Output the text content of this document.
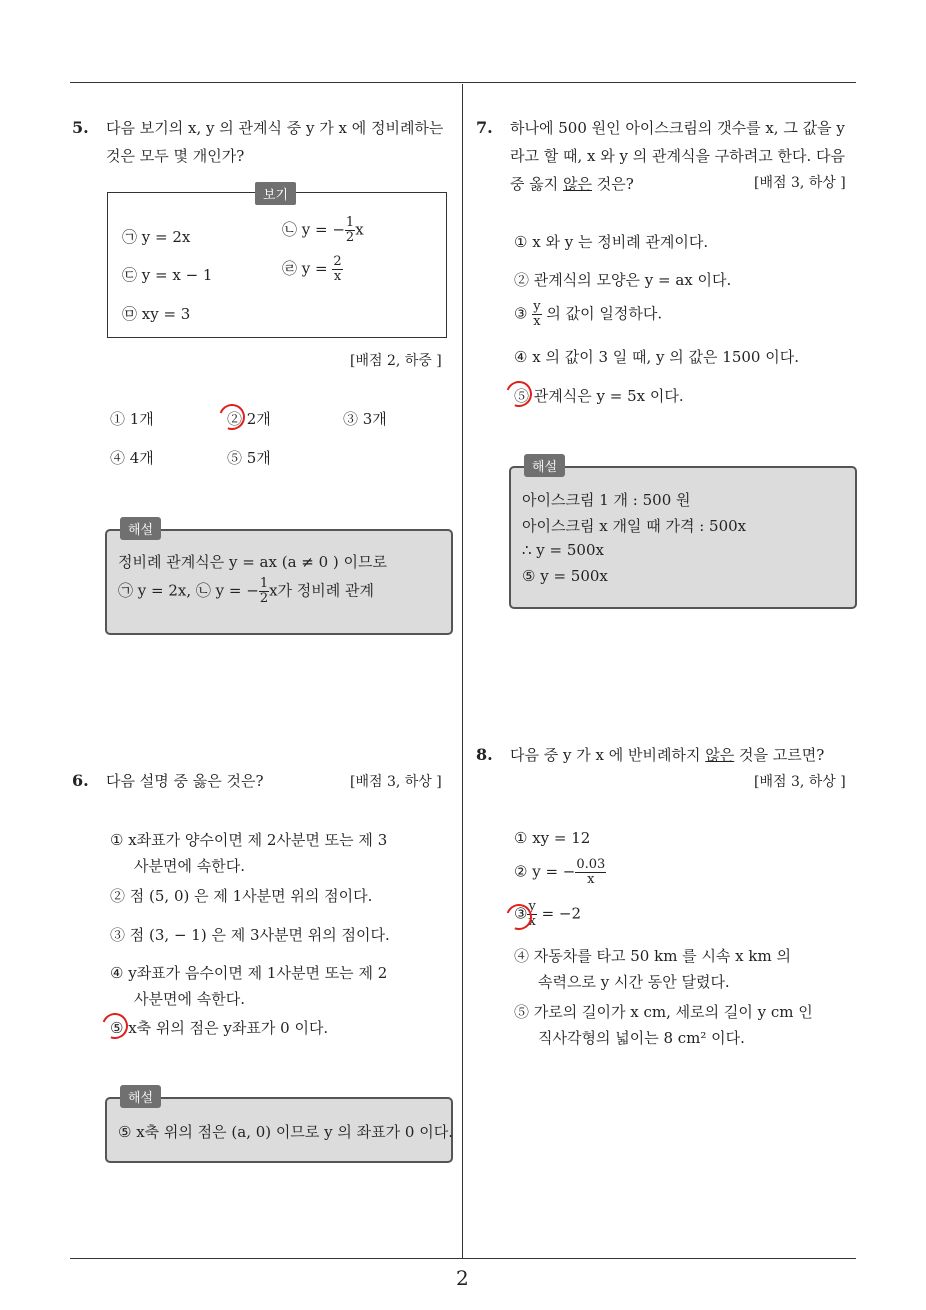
5. 다음 보기의 x, y 의 관계식 중 y 가 x 에 정비례하는
것은 모두 몇 개인가?
보기
㉠ y = 2x	㉡ y = − $\frac{1}{2}$ x
㉢ y = x − 1	㉣ $y = \frac{2}{x}$
㉤ xy = 3
[배점 2, 하중 ]
① 1개	② 2개	③ 3개
④ 4개	⑤ 5개
해설
정비례 관계식은 y = ax (a ≠ 0 ) 이므로
㉠ y = 2x, ㉡ y = − $\frac{1}{2}$ x가 정비례 관계
6. 다음 설명 중 옳은 것은?	[배점 3, 하상 ]
① x좌표가 양수이면 제 2사분면 또는 제 3
사분면에 속한다.
② 점 (5, 0) 은 제 1사분면 위의 점이다.
③ 점 (3, − 1) 은 제 3사분면 위의 점이다.
④ y좌표가 음수이면 제 1사분면 또는 제 2
사분면에 속한다.
⑤ x축 위의 점은 y좌표가 0 이다.
해설
⑤ x축 위의 점은 (a, 0) 이므로 y 의 좌표가 0 이다.
7. 하나에 500 원인 아이스크림의 갯수를 x, 그 값을 y
라고 할 때, x 와 y 의 관계식을 구하려고 한다. 다음
중 옳지 않은 것은?	[배점 3, 하상 ]
① x 와 y 는 정비례 관계이다.
② 관계식의 모양은 y = ax 이다.
③ $\frac{y}{x}$ 의 값이 일정하다.
④ x 의 값이 3 일 때, y 의 값은 1500 이다.
⑤ 관계식은 y = 5x 이다.
해설
아이스크림 1 개 : 500 원
아이스크림 x 개일 때 가격 : 500x
∴ y = 500x
⑤ y = 500x
8. 다음 중 y 가 x 에 반비례하지 않은 것을 고르면?
[배점 3, 하상 ]
① xy = 12
② y = − $\frac{0.03}{x}$
③ $\frac{y}{x} = -2$
④ 자동차를 타고 50 km 를 시속 x km 의
속력으로 y 시간 동안 달렸다.
⑤ 가로의 길이가 x cm, 세로의 길이 y cm 인
직사각형의 넓이는 8 cm² 이다.
2
